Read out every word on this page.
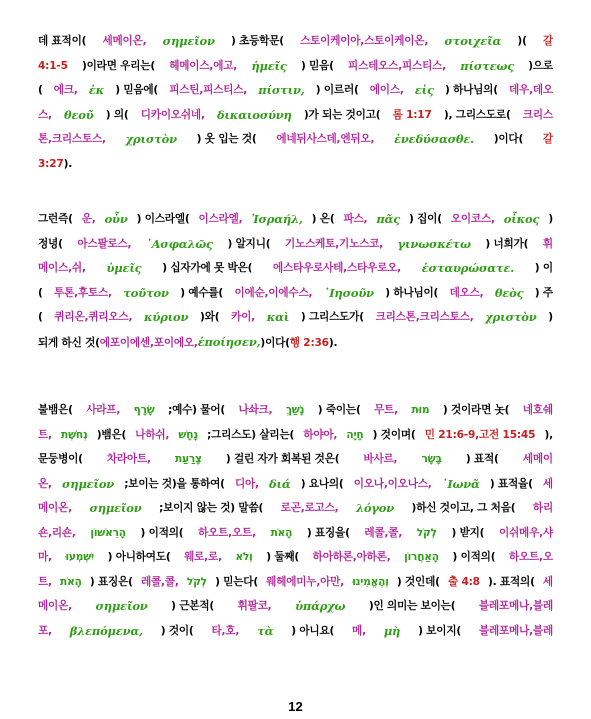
데 표적이( 세메이온, σημεῖον ) 초등학문( 스토이케이아,스토이케이온, στοιχεῖα )( 갈
4:1-5 )이라면 우리는( 헤메이스,에고, ἡμεῖς ) 믿음( 피스테오스,피스티스, πίστεως )으로
( 에크, ἐκ ) 믿음에( 피스틴,피스티스, πίστιν, ) 이르러( 에이스, εἰς ) 하나님의( 데우,데오
스, θεοῦ ) 의( 디카이오쉬네, δικαιοσύνη )가 되는 것이고( 롬 1:17 ), 그리스도로( 크리스
톤,크리스토스, χριστὸν ) 옷 입는 것( 에네뒤사스데,엔뒤오, ἐνεδύσασθε. )이다( 갈
3:27).
그런즉( 운, οὖν ) 이스라엘( 이스라엘, Ἰσραήλ, ) 온( 파스, πᾶς ) 집이( 오이코스, οἶκος )
정녕( 아스팔로스, ᾿Ασφαλῶς ) 알지니( 기노스케토,기노스코, γινωσκέτω ) 너희가( 휘
메이스,쉬, ὑμεῖς ) 십자가에 못 박은( 에스타우로사테,스타우로오, ἐσταυρώσατε. ) 이
( 투톤,후토스, τοῦτον ) 예수를( 이에순,이에수스, ᾿Ιησοῦν ) 하나님이( 데오스, θεὸς ) 주
( 퀴리온,퀴리오스, κύριον )와( 카이, καὶ ) 그리스도가( 크리스톤,크리스토스, χριστὸν )
되게 하신 것(에포이에센,포이에오,ἐποίησεν,)이다(행 2:36).
불뱀은( 사라프, שָׂרָף ;예수) 물어( 나솨크, נָשַׁךְ ) 죽이는( 무트, מוּת ) 것이라면 놋( 네호쉐
트, נְחֹשֶׁת )뱀은( 나하쉬, נָחָשׁ ;그리스도) 살리는( 하야아, חָיָה ) 것이며( 민 21:6-9,고전 15:45 ),
문둥병이( 차라아트, צָרַעַת ) 걸린 자가 회복된 것은( 바사르, בָּשָׂר ) 표적( 세메이
온, σημεῖον ;보이는 것)을 통하여( 디아, διά ) 요나의( 이오나,이오나스, ᾿Ιωνᾶ ) 표적을( 세
메이온, σημεῖον ;보이지 않는 것) 말씀( 로곤,로고스, λόγον )하신 것이고, 그 처음( 하리
숀,리숀, הָרִאשׁוֹן ) 이적의( 하오트,오트, הָאֹת ) 표징을( 레콜,콜, לְקֹל ) 받지( 이쉬메우,샤
마, יִשְׁמְעוּ ) 아니하여도( 웨로,로, וְלֹא ) 둘째( 하아하론,아하론, הָאַחֲרוֹן ) 이적의( 하오트,오
트, הָאֹת ) 표징은( 레콜,콜, לְקֹל ) 믿는다( 웨헤에미누,아만, וְהֶאֱמִינוּ ) 것인데( 출 4:8 ). 표적의( 세
메이온, σημεῖον ) 근본적( 휘팔코, ὑπάρχω )인 의미는 보이는( 블레포메나,블레
포, βλεπόμενα, ) 것이( 타,호, τὰ ) 아니요( 메, μὴ ) 보이지( 블레포메나,블레
12
